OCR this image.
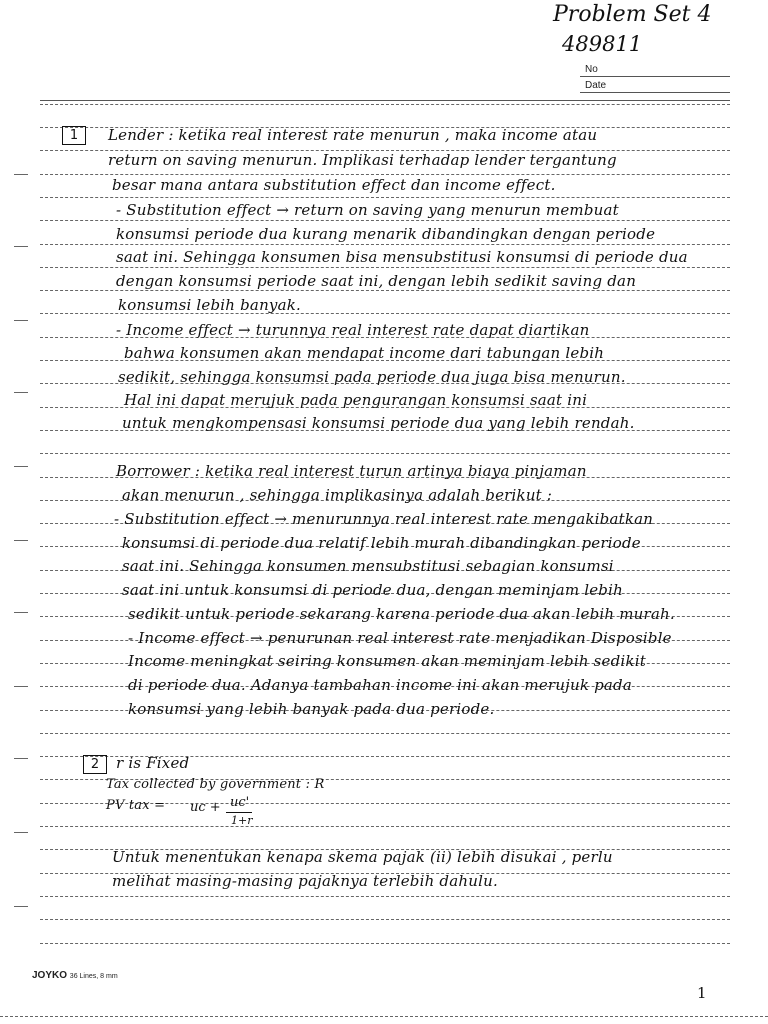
Problem Set 4
489811
No
Date
1	Lender : ketika real interest rate menurun , maka income atau
return on saving menurun. Implikasi terhadap lender tergantung
besar mana antara substitution effect dan income effect.
- Substitution effect → return on saving yang menurun membuat
konsumsi periode dua kurang menarik dibandingkan dengan periode
saat ini. Sehingga konsumen bisa mensubstitusi konsumsi di periode dua
dengan konsumsi periode saat ini, dengan lebih sedikit saving dan
konsumsi lebih banyak.
- Income effect → turunnya real interest rate dapat diartikan
bahwa konsumen akan mendapat income dari tabungan lebih
sedikit, sehingga konsumsi pada periode dua juga bisa menurun.
Hal ini dapat merujuk pada pengurangan konsumsi saat ini
untuk mengkompensasi konsumsi periode dua yang lebih rendah.
Borrower : ketika real interest turun artinya biaya pinjaman
akan menurun , sehingga implikasinya adalah berikut :
- Substitution effect → menurunnya real interest rate mengakibatkan
konsumsi di periode dua relatif lebih murah dibandingkan periode
saat ini. Sehingga konsumen mensubstitusi sebagian konsumsi
saat ini untuk konsumsi di periode dua, dengan meminjam lebih
sedikit untuk periode sekarang karena periode dua akan lebih murah.
- Income effect → penurunan real interest rate menjadikan Disposible
Income meningkat seiring konsumen akan meminjam lebih sedikit
di periode dua. Adanya tambahan income ini akan merujuk pada
konsumsi yang lebih banyak pada dua periode.
2	r is Fixed
Tax collected by government : R
PV tax = uc + uc'
1+r
Untuk menentukan kenapa skema pajak (ii) lebih disukai , perlu
melihat masing-masing pajaknya terlebih dahulu.
JOYKO 36 Lines, 8 mm
1
